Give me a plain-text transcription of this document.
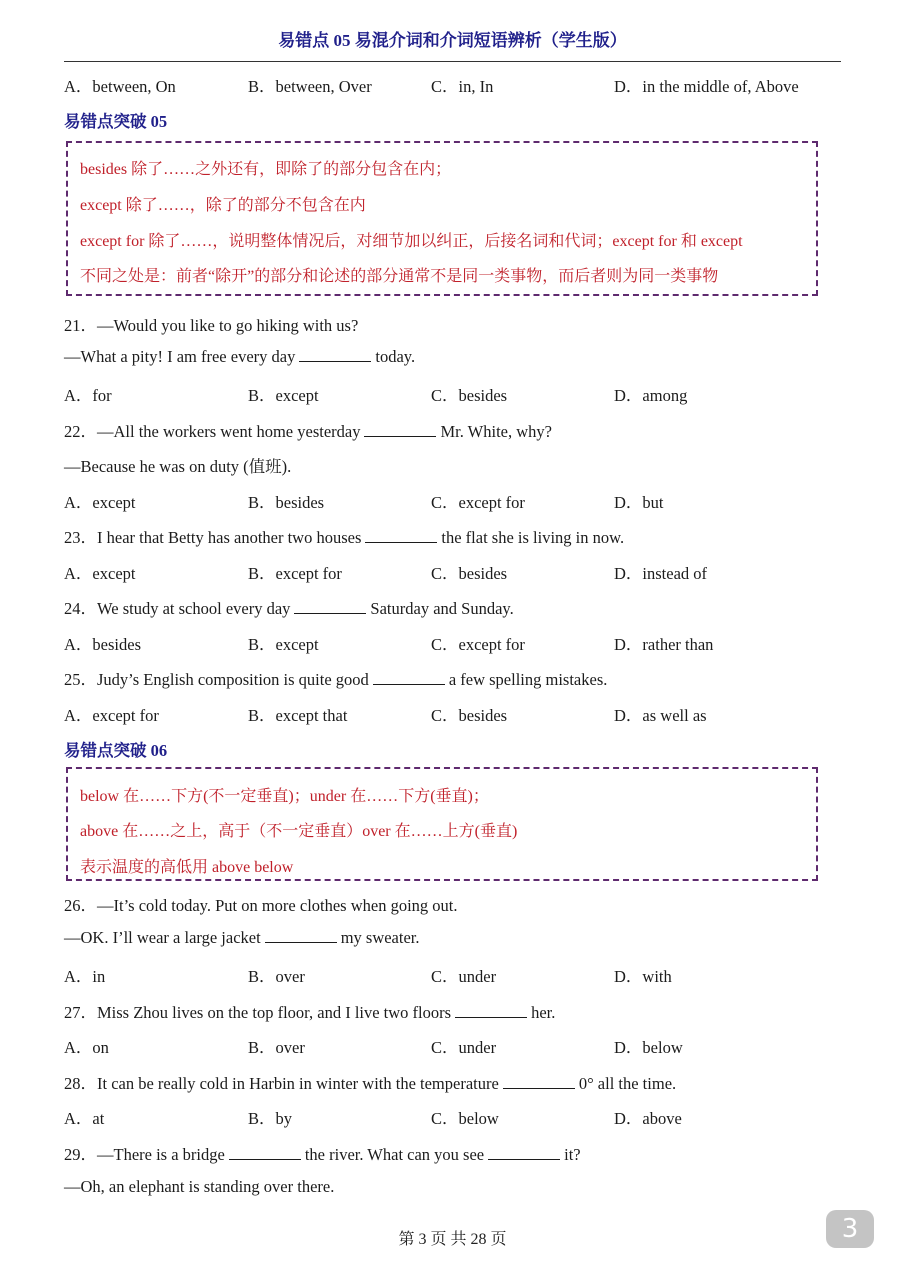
易错点 05 易混介词和介词短语辨析（学生版）
A．between, On	B．between, Over	C．in, In	D．in the middle of, Above
易错点突破 05
besides 除了……之外还有，即除了的部分包含在内；
except 除了……，除了的部分不包含在内
except for 除了……，说明整体情况后，对细节加以纠正，后接名词和代词；except for 和 except
不同之处是：前者“除开”的部分和论述的部分通常不是同一类事物，而后者则为同一类事物
21．—Would you like to go hiking with us?
—What a pity! I am free every day	today.
A．for	B．except	C．besides	D．among
22．—All the workers went home yesterday	Mr. White, why?
—Because he was on duty (值班).
A．except	B．besides	C．except for	D．but
23．I hear that Betty has another two houses	the flat she is living in now.
A．except	B．except for	C．besides	D．instead of
24．We study at school every day	Saturday and Sunday.
A．besides	B．except	C．except for	D．rather than
25．Judy’s English composition is quite good	a few spelling mistakes.
A．except for	B．except that	C．besides	D．as well as
易错点突破 06
below 在……下方(不一定垂直)；under 在……下方(垂直)；
above 在……之上，高于（不一定垂直）over 在……上方(垂直)
表示温度的高低用 above below
26．—It’s cold today. Put on more clothes when going out.
—OK. I’ll wear a large jacket	my sweater.
A．in	B．over	C．under	D．with
27．Miss Zhou lives on the top floor, and I live two floors	her.
A．on	B．over	C．under	D．below
28．It can be really cold in Harbin in winter with the temperature	0° all the time.
A．at	B．by	C．below	D．above
29．—There is a bridge	the river. What can you see	it?
—Oh, an elephant is standing over there.
第 3 页 共 28 页	3
